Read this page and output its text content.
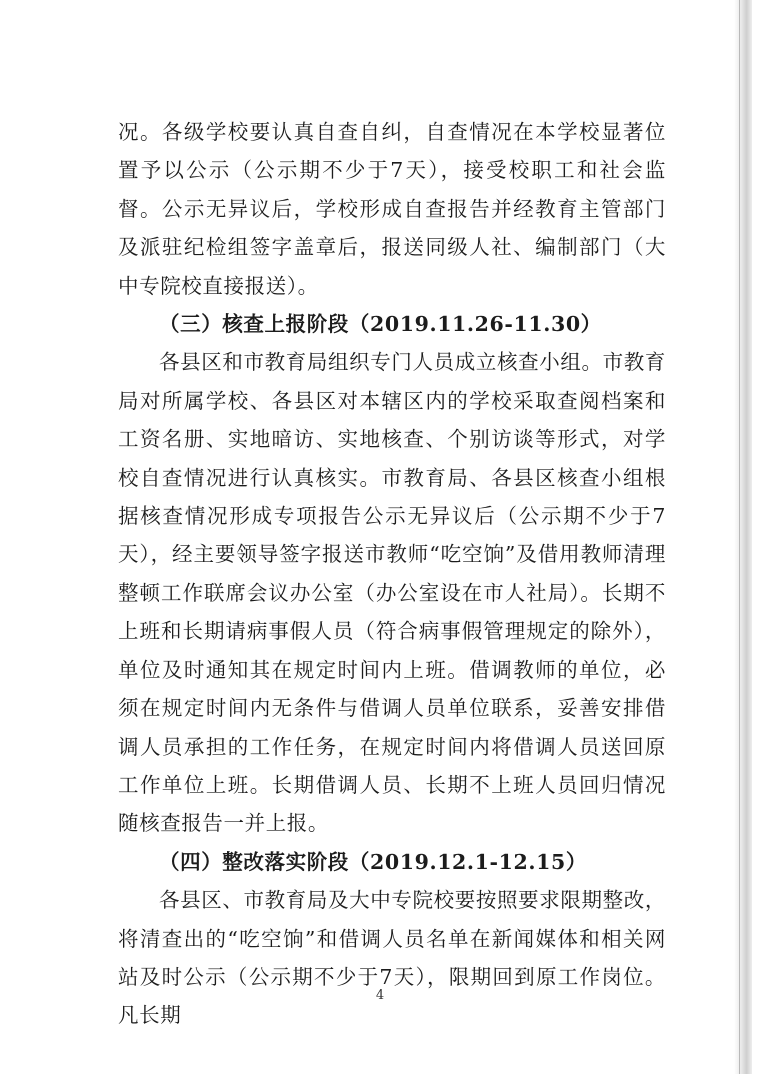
况。各级学校要认真自查自纠，自查情况在本学校显著位置予以公示（公示期不少于7天），接受校职工和社会监督。公示无异议后，学校形成自查报告并经教育主管部门及派驻纪检组签字盖章后，报送同级人社、编制部门（大中专院校直接报送）。

（三）核查上报阶段（2019.11.26-11.30）

各县区和市教育局组织专门人员成立核查小组。市教育局对所属学校、各县区对本辖区内的学校采取查阅档案和工资名册、实地暗访、实地核查、个别访谈等形式，对学校自查情况进行认真核实。市教育局、各县区核查小组根据核查情况形成专项报告公示无异议后（公示期不少于7天），经主要领导签字报送市教师“吃空饷”及借用教师清理整顿工作联席会议办公室（办公室设在市人社局）。长期不上班和长期请病事假人员（符合病事假管理规定的除外），单位及时通知其在规定时间内上班。借调教师的单位，必须在规定时间内无条件与借调人员单位联系，妥善安排借调人员承担的工作任务，在规定时间内将借调人员送回原工作单位上班。长期借调人员、长期不上班人员回归情况随核查报告一并上报。

（四）整改落实阶段（2019.12.1-12.15）

各县区、市教育局及大中专院校要按照要求限期整改，将清查出的“吃空饷”和借调人员名单在新闻媒体和相关网站及时公示（公示期不少于7天），限期回到原工作岗位。凡长期

4
